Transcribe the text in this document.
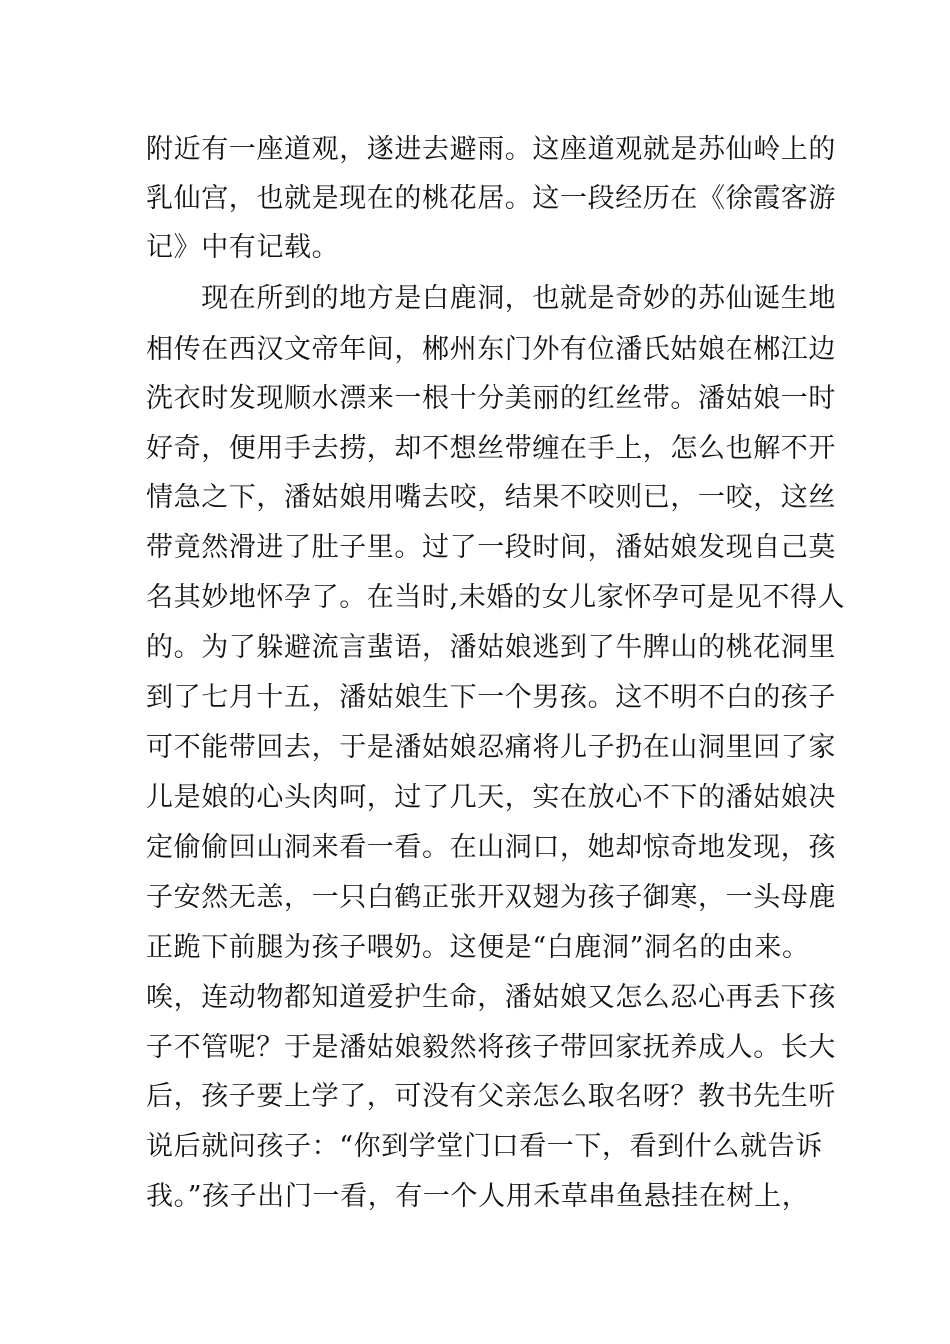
附近有一座道观，遂进去避雨。这座道观就是苏仙岭上的
乳仙宫，也就是现在的桃花居。这一段经历在《徐霞客游
记》中有记载。
　　现在所到的地方是白鹿洞，也就是奇妙的苏仙诞生地
相传在西汉文帝年间，郴州东门外有位潘氏姑娘在郴江边
洗衣时发现顺水漂来一根十分美丽的红丝带。潘姑娘一时
好奇，便用手去捞，却不想丝带缠在手上，怎么也解不开
情急之下，潘姑娘用嘴去咬，结果不咬则已，一咬，这丝
带竟然滑进了肚子里。过了一段时间，潘姑娘发现自己莫
名其妙地怀孕了。在当时,未婚的女儿家怀孕可是见不得人
的。为了躲避流言蜚语，潘姑娘逃到了牛脾山的桃花洞里
到了七月十五，潘姑娘生下一个男孩。这不明不白的孩子
可不能带回去，于是潘姑娘忍痛将儿子扔在山洞里回了家
儿是娘的心头肉呵，过了几天，实在放心不下的潘姑娘决
定偷偷回山洞来看一看。在山洞口，她却惊奇地发现，孩
子安然无恙，一只白鹤正张开双翅为孩子御寒，一头母鹿
正跪下前腿为孩子喂奶。这便是“白鹿洞”洞名的由来。
唉，连动物都知道爱护生命，潘姑娘又怎么忍心再丢下孩
子不管呢？于是潘姑娘毅然将孩子带回家抚养成人。长大
后，孩子要上学了，可没有父亲怎么取名呀？教书先生听
说后就问孩子：“你到学堂门口看一下，看到什么就告诉
我。”孩子出门一看，有一个人用禾草串鱼悬挂在树上，
